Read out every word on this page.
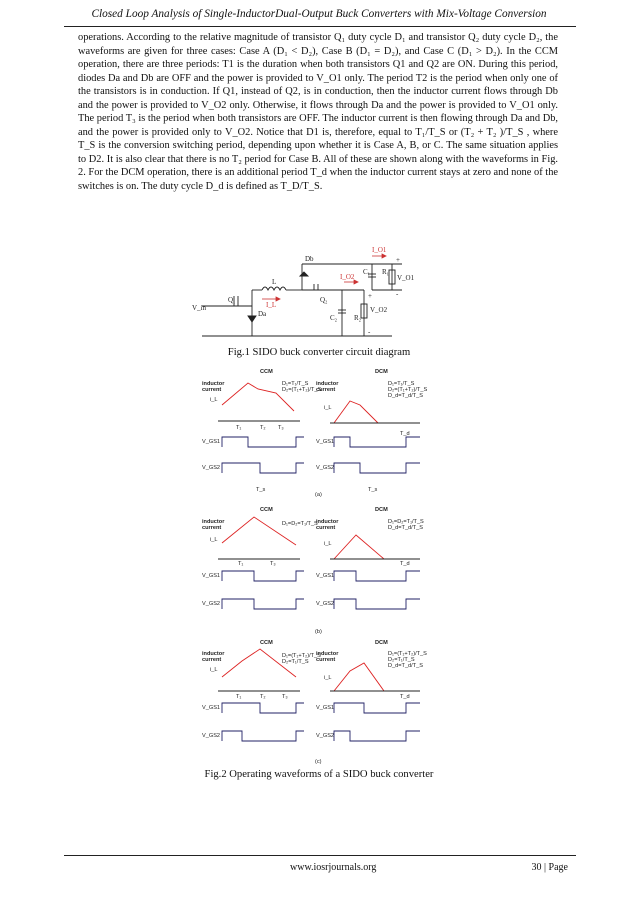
Closed Loop Analysis of Single-InductorDual-Output Buck Converters with Mix-Voltage Conversion

operations. According to the relative magnitude of transistor Q₁ duty cycle D₁ and transistor Q₂ duty cycle D₂, the waveforms are given for three cases: Case A (D₁ < D₂), Case B (D₁ = D₂), and Case C (D₁ > D₂). In the CCM operation, there are three periods: T1 is the duration when both transistors Q1 and Q2 are ON. During this period, diodes Da and Db are OFF and the power is provided to V_O1 only. The period T2 is the period when only one of the transistors is in conduction. If Q1, instead of Q2, is in conduction, then the inductor current flows through Db and the power is provided to V_O2 only. Otherwise, it flows through Da and the power is provided to V_O1 only. The period T₃ is the period when both transistors are OFF. The inductor current is then flowing through Da and Db, and the power is provided only to V_O2. Notice that D1 is, therefore, equal to T₁/T_S or (T₂ + T₂ )/T_S , where T_S is the conversion switching period, depending upon whether it is Case A, B, or C. The same situation applies to D2. It is also clear that there is no T₂ period for Case B. All of these are shown along with the waveforms in Fig. 2. For the DCM operation, there is an additional period T_d when the inductor current stays at zero and none of the switches is on. The duty cycle D_d is defined as T_D/T_S.

Db
I_O1
C₁ R₁
V_O1
L
I_L
I_O2
Q₁
Da
Q₂
C₂ R₂
V_O2
V_in
+
-
+
-
Fig.1 SIDO buck converter circuit diagram
CCM	DCM
inductor
current
i_L
D₁=T₁/T_S
D₂=(T₁+T₂)/T_S
inductor
current
i_L
D₁=T₁/T_S
D₂=(T₁+T₂)/T_S
D_d=T_d/T_S
V_GS1
V_GS2
V_GS1
V_GS2
T₁	T₂ T₃
T_s
T_d
T_s
(a)
CCM	DCM
inductor
current
i_L
D₁=D₂=T₁/T_S
inductor
current
i_L
D₁=D₂=T₁/T_S
D_d=T_d/T_S
V_GS1
V_GS2
V_GS1
V_GS2
T₁	T₃	T_d
(b)
CCM	DCM
inductor
current
i_L
D₁=(T₁+T₂)/T_S
D₂=T₁/T_S
inductor
current
i_L
D₁=(T₁+T₂)/T_S
D₂=T₁/T_S
D_d=T_d/T_S
V_GS1
V_GS2
V_GS1
V_GS2
T₁	T₂	T₃	T_d
(c)
Fig.2 Operating waveforms of a SIDO buck converter
www.iosrjournals.org	30 | Page
